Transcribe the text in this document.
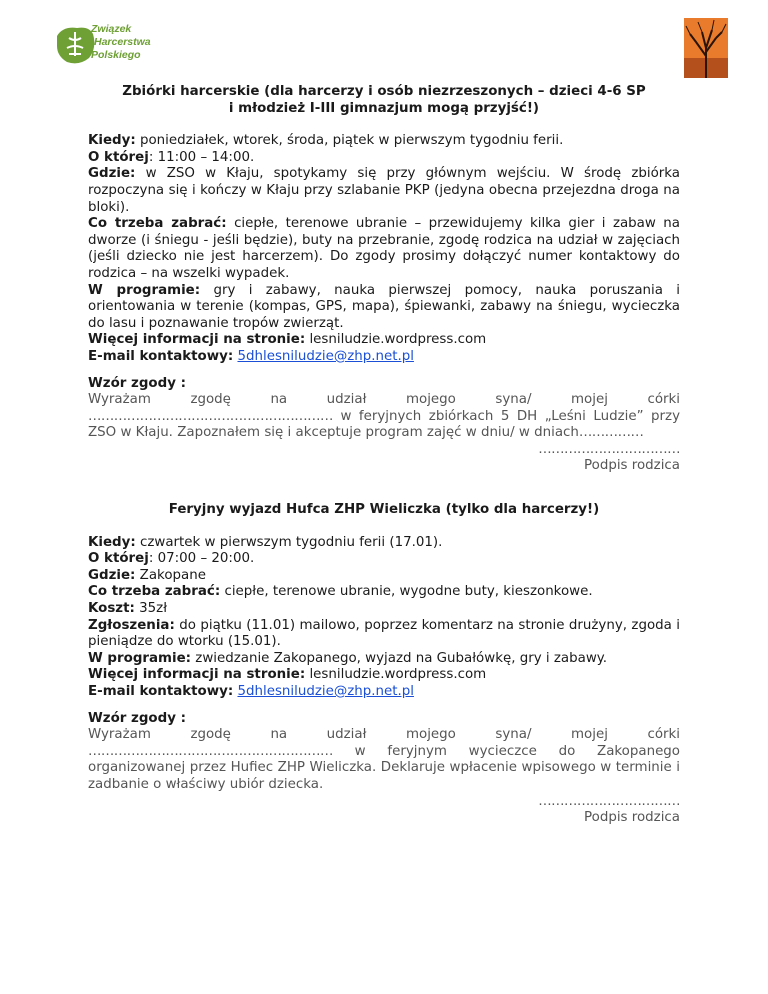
Związek
Harcerstwa
Polskiego
Zbiórki harcerskie (dla harcerzy i osób niezrzeszonych – dzieci 4-6 SP
i młodzież I-III gimnazjum mogą przyjść!)

Kiedy: poniedziałek, wtorek, środa, piątek w pierwszym tygodniu ferii.

O której: 11:00 – 14:00.

Gdzie: w ZSO w Kłaju, spotykamy się przy głównym wejściu. W środę zbiórka rozpoczyna się i kończy w Kłaju przy szlabanie PKP (jedyna obecna przejezdna droga na bloki).

Co trzeba zabrać: ciepłe, terenowe ubranie – przewidujemy kilka gier i zabaw na dworze (i śniegu - jeśli będzie), buty na przebranie, zgodę rodzica na udział w zajęciach (jeśli dziecko nie jest harcerzem). Do zgody prosimy dołączyć numer kontaktowy do rodzica – na wszelki wypadek.

W programie: gry i zabawy, nauka pierwszej pomocy, nauka poruszania i orientowania w terenie (kompas, GPS, mapa), śpiewanki, zabawy na śniegu, wycieczka do lasu i poznawanie tropów zwierząt.

Więcej informacji na stronie: lesniludzie.wordpress.com

E-mail kontaktowy: 5dhlesniludzie@zhp.net.pl

Wzór zgody :

Wyrażam zgodę na udział mojego syna/ mojej córki ………………………………………………… w feryjnych zbiórkach 5 DH „Leśni Ludzie” przy ZSO w Kłaju. Zapoznałem się i akceptuje program zajęć w dniu/ w dniach……………

……………………………

Podpis rodzica

Feryjny wyjazd Hufca ZHP Wieliczka (tylko dla harcerzy!)

Kiedy: czwartek w pierwszym tygodniu ferii (17.01).

O której: 07:00 – 20:00.

Gdzie: Zakopane

Co trzeba zabrać: ciepłe, terenowe ubranie, wygodne buty, kieszonkowe.

Koszt: 35zł

Zgłoszenia: do piątku (11.01) mailowo, poprzez komentarz na stronie drużyny, zgoda i pieniądze do wtorku (15.01).

W programie: zwiedzanie Zakopanego, wyjazd na Gubałówkę, gry i zabawy.

Więcej informacji na stronie: lesniludzie.wordpress.com

E-mail kontaktowy: 5dhlesniludzie@zhp.net.pl

Wzór zgody :

Wyrażam zgodę na udział mojego syna/ mojej córki ………………………………………………… w feryjnym wycieczce do Zakopanego organizowanej przez Hufiec ZHP Wieliczka. Deklaruje wpłacenie wpisowego w terminie i zadbanie o właściwy ubiór dziecka.

……………………………

Podpis rodzica
